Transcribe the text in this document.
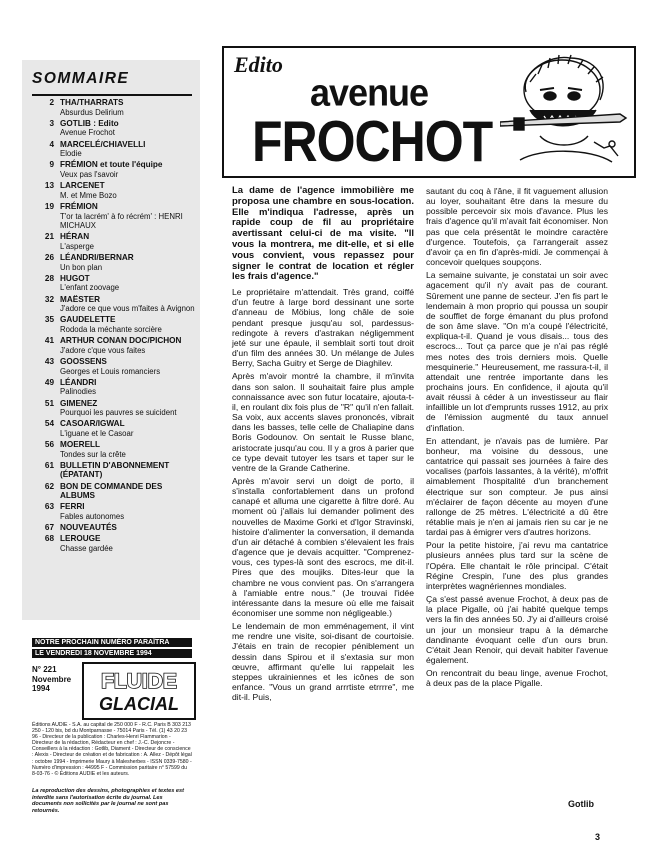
SOMMAIRE
2 THA/THARRATS
Absurdus Delirium
3 GOTLIB : Edito
Avenue Frochot
4 MARCELÉ/CHIAVELLI
Elodie
9 FRÉMION et toute l'équipe
Veux pas l'savoir
13 LARCENET
M. et Mme Bozo
19 FRÉMION
T'or ta lacrém' à fo récrém' : HENRI MICHAUX
21 HÉRAN
L'asperge
26 LÉANDRI/BERNAR
Un bon plan
28 HUGOT
L'enfant zoovage
32 MAËSTER
J'adore ce que vous m'faites à Avignon
35 GAUDELETTE
Rododa la méchante sorcière
41 ARTHUR CONAN DOC/PICHON
J'adore c'que vous faites
43 GOOSSENS
Georges et Louis romanciers
49 LÉANDRI
Palinodies
51 GIMENEZ
Pourquoi les pauvres se suicident
54 CASOAR/IGWAL
L'iguane et le Casoar
56 MOERELL
Tondes sur la crête
61 BULLETIN D'ABONNEMENT (ÉPATANT)
62 BON DE COMMANDE DES ALBUMS
63 FERRI
Fables autonomes
67 NOUVEAUTÉS
68 LEROUGE
Chasse gardée
NOTRE PROCHAIN NUMÉRO PARAÎTRA
LE VENDREDI 18 NOVEMBRE 1994
N° 221
Novembre
1994	FLUIDE
GLACIAL
Éditions AUDIE - S.A. au capital de 250 000 F - R.C. Paris B 303 213 250 - 120 bis, bd du Montparnasse - 75014 Paris - Tél. (1) 43 20 23 96 - Directeur de la publication : Charles-Henri Flammarion - Directeur de la rédaction, Rédacteur en chef : J.-C. Dejoncre - Conseillers à la rédaction : Gotlib, Diament - Directeur de conscience : Alexis - Directeur de création et de fabrication : A. Allez - Dépôt légal : octobre 1994 - Imprimerie Maury à Malesherbes - ISSN 0339-7580 - Numéro d'impression : 44995 F - Commission paritaire n° 57599 du 8-03-76 - © Éditions AUDIE et les auteurs.
La reproduction des dessins, photographies et textes est interdite sans l'autorisation écrite du journal. Les documents non sollicités par le journal ne sont pas retournés.
Edito
avenue
FROCHOT

La dame de l'agence immobilière me proposa une chambre en sous-location. Elle m'indiqua l'adresse, après un rapide coup de fil au propriétaire avertissant celui-ci de ma visite. "Il vous la montrera, me dit-elle, et si elle vous convient, vous repassez pour signer le contrat de location et régler les frais d'agence."

Le propriétaire m'attendait. Très grand, coiffé d'un feutre à large bord dessinant une sorte d'anneau de Möbius, long châle de soie pendant presque jusqu'au sol, pardessus-redingote à revers d'astrakan négligemment jeté sur une épaule, il semblait sorti tout droit d'un film des années 30. Un mélange de Jules Berry, Sacha Guitry et Serge de Diaghilev.

Après m'avoir montré la chambre, il m'invita dans son salon. Il souhaitait faire plus ample connaissance avec son futur locataire, ajouta-t-il, en roulant dix fois plus de "R" qu'il n'en fallait. Sa voix, aux accents slaves prononcés, vibrait dans les basses, telle celle de Chaliapine dans Boris Godounov. On sentait le Russe blanc, aristocrate jusqu'au cou. Il y a gros à parier que ce type devait tutoyer les tsars et taper sur le ventre de la Grande Catherine.

Après m'avoir servi un doigt de porto, il s'installa confortablement dans un profond canapé et alluma une cigarette à filtre doré. Au moment où j'allais lui demander poliment des nouvelles de Maxime Gorki et d'Igor Stravinski, histoire d'alimenter la conversation, il demanda d'un air détaché à combien s'élevaient les frais d'agence que je devais acquitter. "Comprenez-vous, ces types-là sont des escrocs, me dit-il. Pires que des moujiks. Dites-leur que la chambre ne vous convient pas. On s'arrangera à l'amiable entre nous." (Je trouvai l'idée intéressante dans la mesure où elle me faisait économiser une somme non négligeable.)

Le lendemain de mon emménagement, il vint me rendre une visite, soi-disant de courtoisie. J'étais en train de recopier péniblement un dessin dans Spirou et il s'extasia sur mon œuvre, affirmant qu'elle lui rappelait les steppes ukrainiennes et les icônes de son enfance. "Vous un grand arrrtiste etrrrre", me dit-il. Puis,

sautant du coq à l'âne, il fit vaguement allusion au loyer, souhaitant être dans la mesure du possible percevoir six mois d'avance. Plus les frais d'agence qu'il m'avait fait économiser. Non pas que cela présentât le moindre caractère d'urgence. Toutefois, ça l'arrangerait assez d'avoir ça en fin d'après-midi. Je commençai à concevoir quelques soupçons.

La semaine suivante, je constatai un soir avec agacement qu'il n'y avait pas de courant. Sûrement une panne de secteur. J'en fis part le lendemain à mon proprio qui poussa un soupir de soufflet de forge émanant du plus profond de son âme slave. "On m'a coupé l'électricité, expliqua-t-il. Quand je vous disais... tous des escrocs... Tout ça parce que je n'ai pas réglé mes notes des trois derniers mois. Quelle mesquinerie." Heureusement, me rassura-t-il, il attendait une rentrée importante dans les prochains jours. En confidence, il ajouta qu'il avait réussi à céder à un investisseur au flair infaillible un lot d'emprunts russes 1912, au prix de l'émission augmenté du taux annuel d'inflation.

En attendant, je n'avais pas de lumière. Par bonheur, ma voisine du dessous, une cantatrice qui passait ses journées à faire des vocalises (parfois lassantes, à la vérité), m'offrit aimablement l'hospitalité d'un branchement électrique sur son compteur. Je pus ainsi m'éclairer de façon décente au moyen d'une rallonge de 25 mètres. L'électricité a dû être rétablie mais je n'en ai jamais rien su car je ne tardai pas à émigrer vers d'autres horizons.

Pour la petite histoire, j'ai revu ma cantatrice plusieurs années plus tard sur la scène de l'Opéra. Elle chantait le rôle principal. C'était Régine Crespin, l'une des plus grandes interprètes wagnériennes mondiales.

Ça s'est passé avenue Frochot, à deux pas de la place Pigalle, où j'ai habité quelque temps vers la fin des années 50. J'y ai d'ailleurs croisé un jour un monsieur trapu à la démarche dandinante évoquant celle d'un ours brun. C'était Jean Renoir, qui devait habiter l'avenue également.

On rencontrait du beau linge, avenue Frochot, à deux pas de la place Pigalle.

Gotlib
3
